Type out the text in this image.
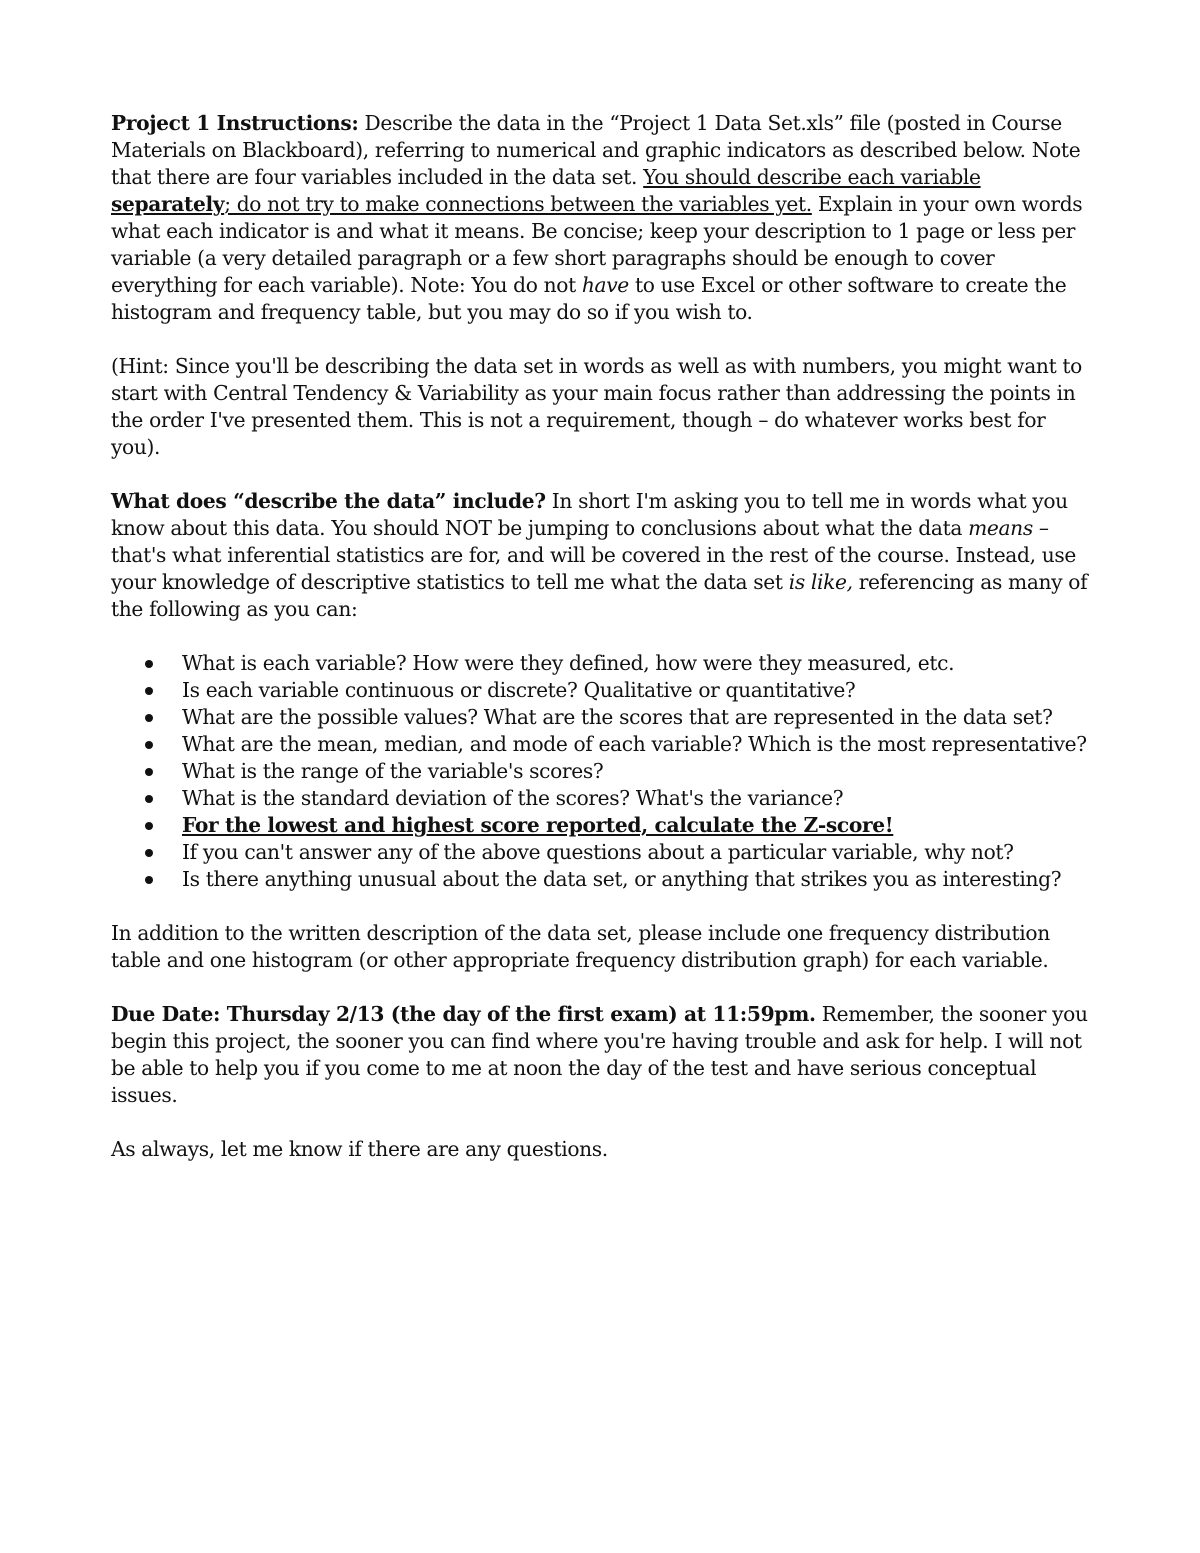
Project 1 Instructions: Describe the data in the “Project 1 Data Set.xls” file (posted in Course Materials on Blackboard), referring to numerical and graphic indicators as described below. Note that there are four variables included in the data set. You should describe each variable separately; do not try to make connections between the variables yet. Explain in your own words what each indicator is and what it means. Be concise; keep your description to 1 page or less per variable (a very detailed paragraph or a few short paragraphs should be enough to cover everything for each variable). Note: You do not have to use Excel or other software to create the histogram and frequency table, but you may do so if you wish to.

(Hint: Since you'll be describing the data set in words as well as with numbers, you might want to start with Central Tendency & Variability as your main focus rather than addressing the points in the order I've presented them. This is not a requirement, though – do whatever works best for you).

What does “describe the data” include? In short I'm asking you to tell me in words what you know about this data. You should NOT be jumping to conclusions about what the data means – that's what inferential statistics are for, and will be covered in the rest of the course. Instead, use your knowledge of descriptive statistics to tell me what the data set is like, referencing as many of the following as you can:

What is each variable? How were they defined, how were they measured, etc.
Is each variable continuous or discrete? Qualitative or quantitative?
What are the possible values? What are the scores that are represented in the data set?
What are the mean, median, and mode of each variable? Which is the most representative?
What is the range of the variable's scores?
What is the standard deviation of the scores? What's the variance?
For the lowest and highest score reported, calculate the Z-score!
If you can't answer any of the above questions about a particular variable, why not?
Is there anything unusual about the data set, or anything that strikes you as interesting?

In addition to the written description of the data set, please include one frequency distribution table and one histogram (or other appropriate frequency distribution graph) for each variable.

Due Date: Thursday 2/13 (the day of the first exam) at 11:59pm. Remember, the sooner you begin this project, the sooner you can find where you're having trouble and ask for help. I will not be able to help you if you come to me at noon the day of the test and have serious conceptual issues.

As always, let me know if there are any questions.
